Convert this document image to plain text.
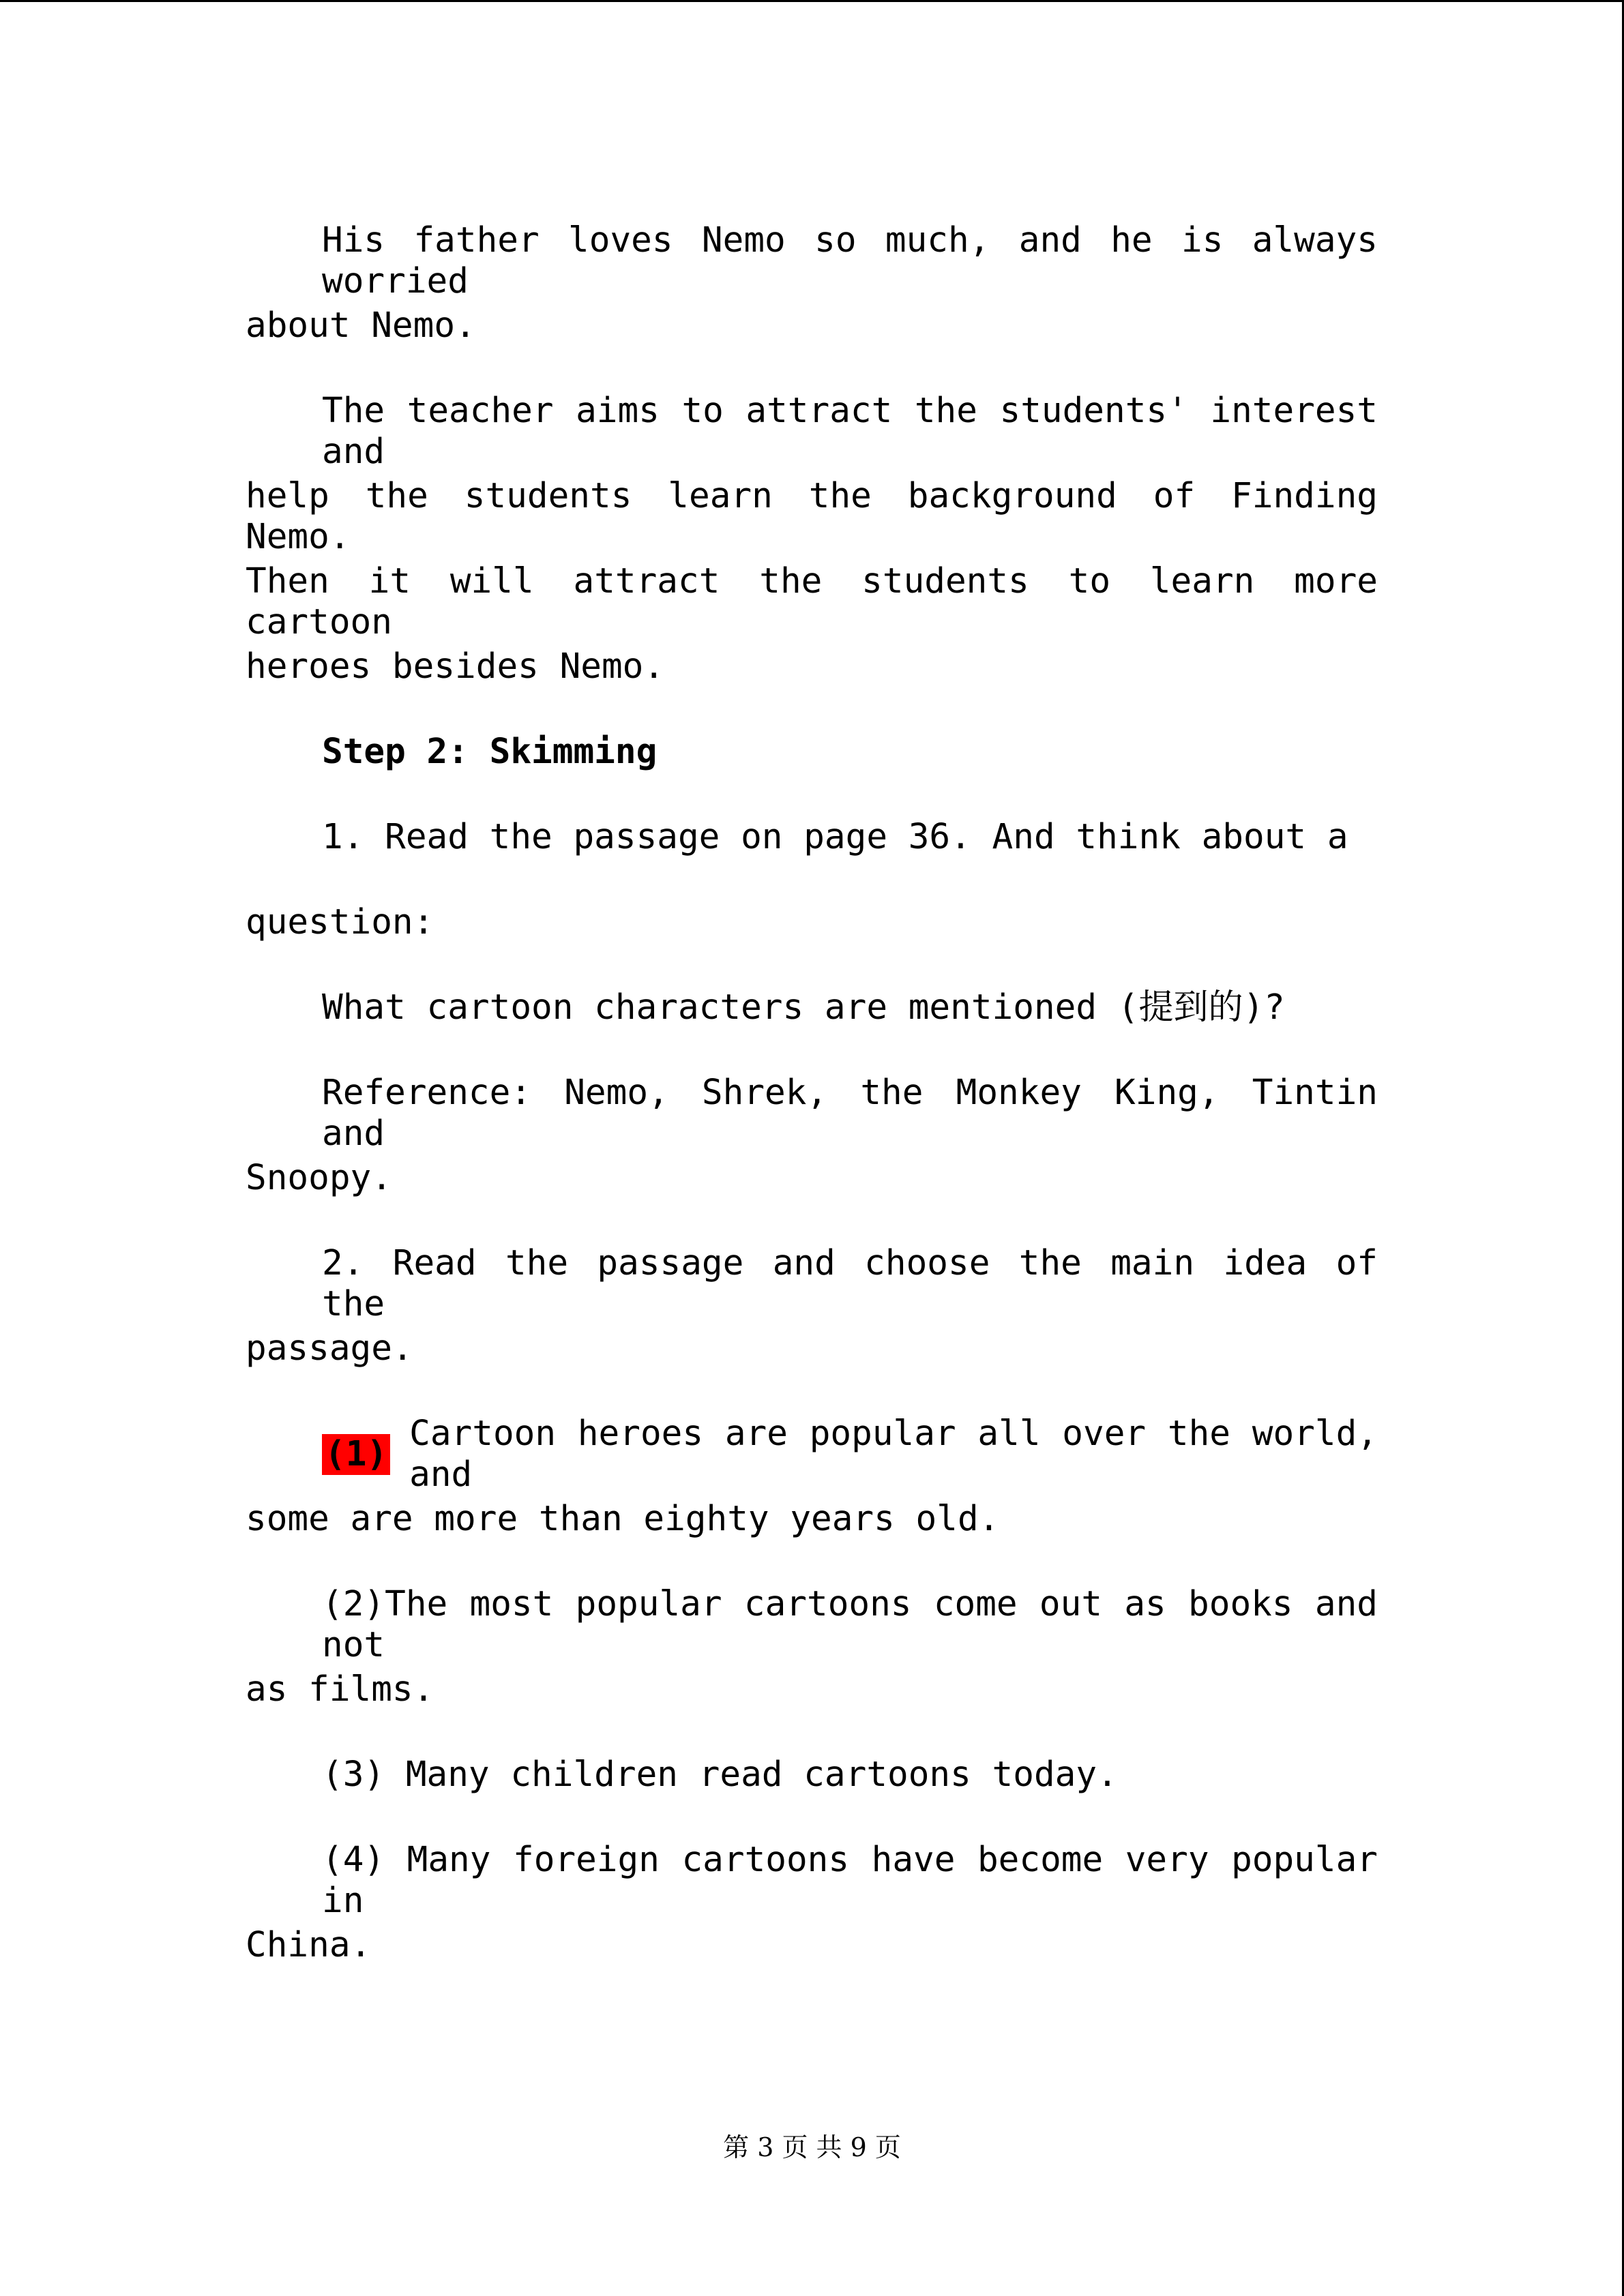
His father loves Nemo so much, and he is always worried
about Nemo.
The teacher aims to attract the students' interest and
help the students learn the background of Finding Nemo.
Then it will attract the students to learn more cartoon
heroes besides Nemo.
Step 2: Skimming
1. Read the passage on page 36. And think about a
question:
What cartoon characters are mentioned (提到的)?
Reference: Nemo, Shrek, the Monkey King, Tintin and
Snoopy.
2. Read the passage and choose the main idea of the
passage.
(1)
Cartoon heroes are popular all over the world, and
some are more than eighty years old.
(2)The most popular cartoons come out as books and not
as films.
(3) Many children read cartoons today.
(4) Many foreign cartoons have become very popular in
China.
第 3 页 共 9 页
